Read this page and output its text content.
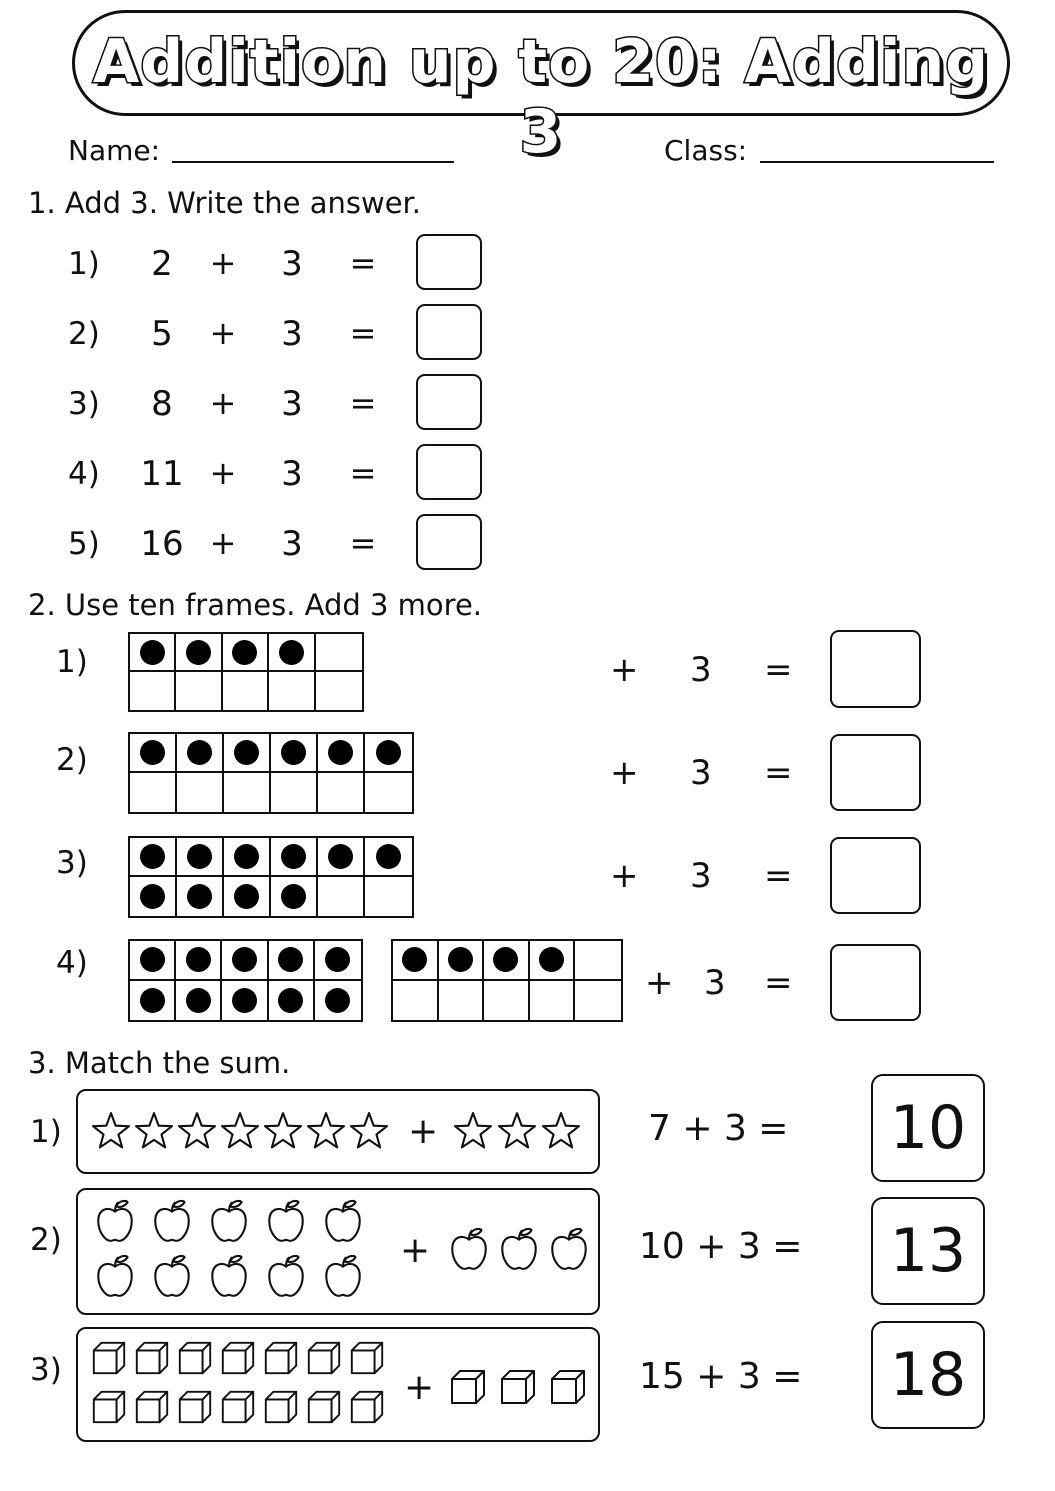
Addition up to 20: Adding 3
Name:	Class:
1. Add 3. Write the answer.
1)	2	+ 3 =
2)	5	+ 3 =
3)	8	+ 3 =
4)	11 + 3 =
5)	16 + 3 =
2. Use ten frames. Add 3 more.
1)	+ 3 =
2)	+ 3 =
3)	+ 3 =
4)	+ 3 =
3. Match the sum.
1)	+	7 + 3 =	10
2)	+	10 + 3 =	13
3)	+	15 + 3 =	18
